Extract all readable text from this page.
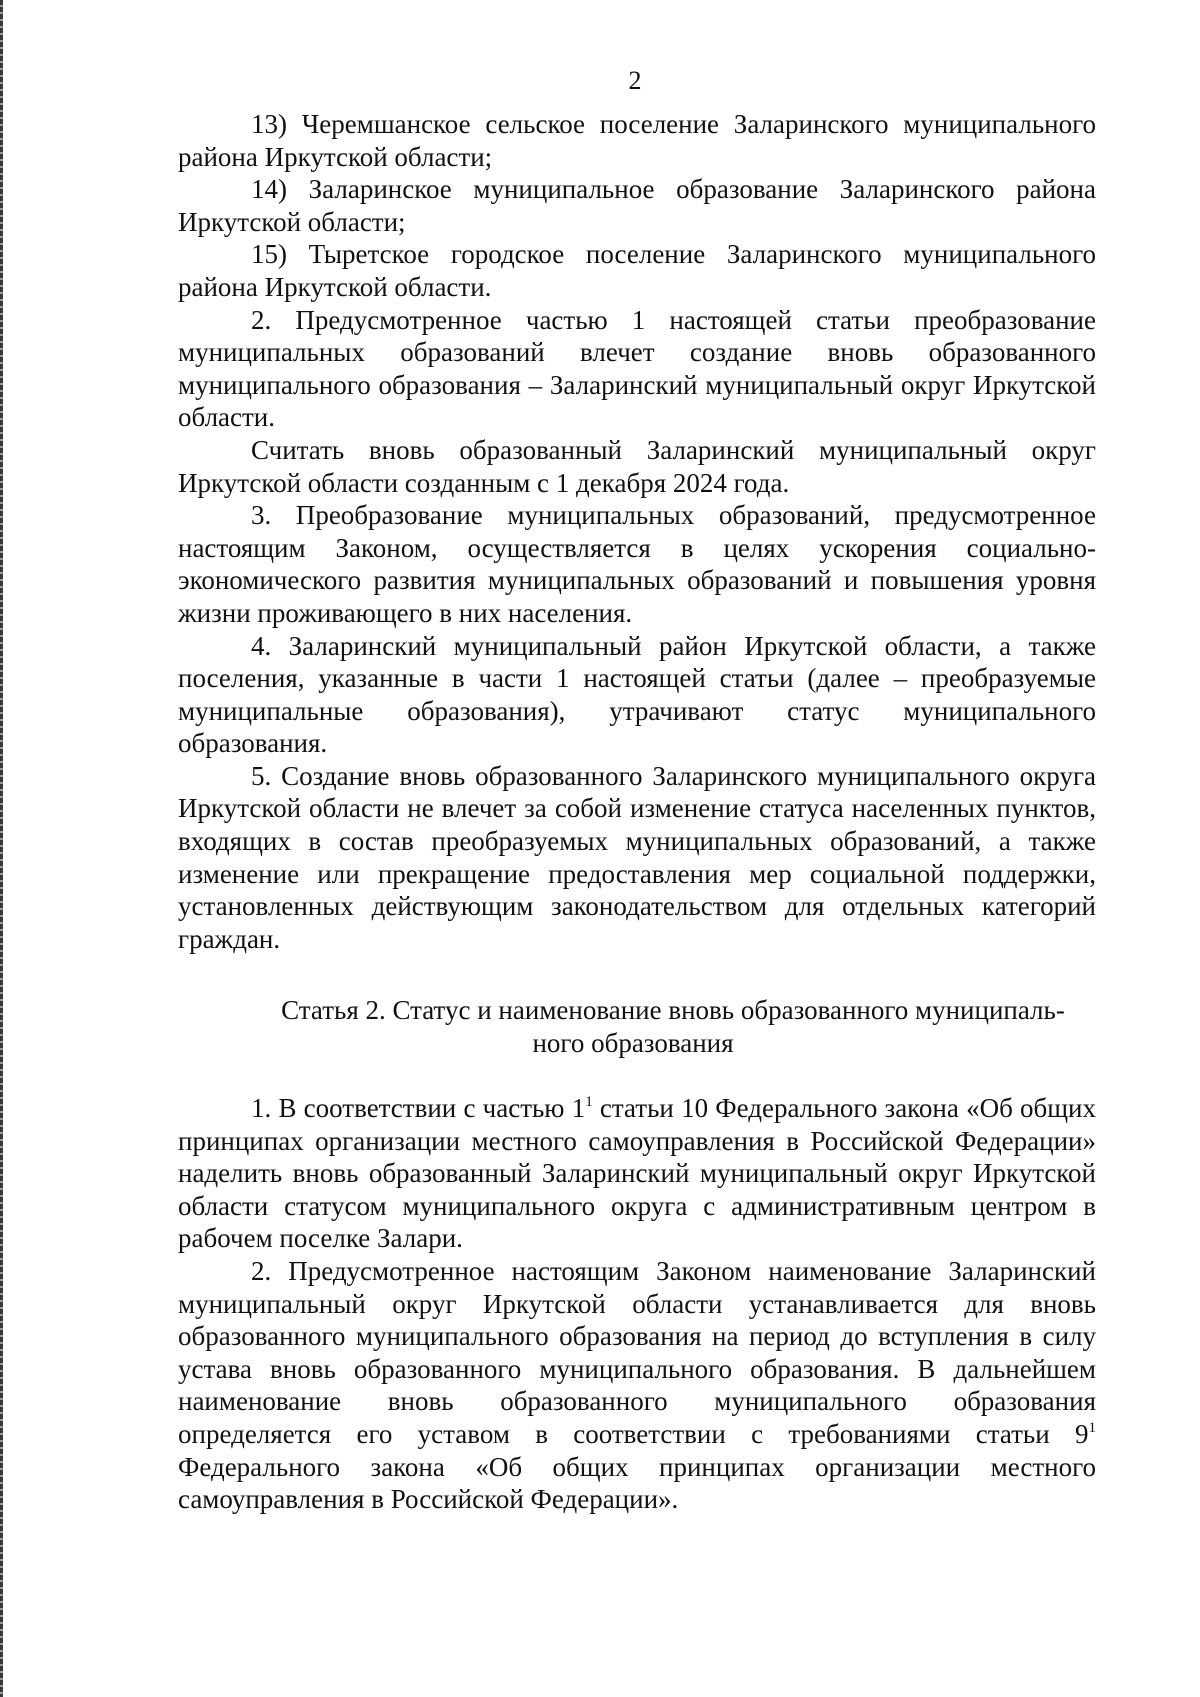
2

13) Черемшанское сельское поселение Заларинского муниципального района Иркутской области;

14) Заларинское муниципальное образование Заларинского района Иркутской области;

15) Тыретское городское поселение Заларинского муниципального района Иркутской области.

2. Предусмотренное частью 1 настоящей статьи преобразование муниципальных образований влечет создание вновь образованного муниципального образования – Заларинский муниципальный округ Иркутской области.

Считать вновь образованный Заларинский муниципальный округ Иркутской области созданным с 1 декабря 2024 года.

3. Преобразование муниципальных образований, предусмотренное настоящим Законом, осуществляется в целях ускорения социально-экономического развития муниципальных образований и повышения уровня жизни проживающего в них населения.

4. Заларинский муниципальный район Иркутской области, а также поселения, указанные в части 1 настоящей статьи (далее – преобразуемые муниципальные образования), утрачивают статус муниципального образования.

5. Создание вновь образованного Заларинского муниципального округа Иркутской области не влечет за собой изменение статуса населенных пунктов, входящих в состав преобразуемых муниципальных образований, а также изменение или прекращение предоставления мер социальной поддержки, установленных действующим законодательством для отдельных категорий граждан.

Статья 2. Статус и наименование вновь образованного муниципаль-
ного образования

1. В соответствии с частью $1^1$ статьи 10 Федерального закона «Об общих принципах организации местного самоуправления в Российской Федерации» наделить вновь образованный Заларинский муниципальный округ Иркутской области статусом муниципального округа с административным центром в рабочем поселке Залари.

2. Предусмотренное настоящим Законом наименование Заларинский муниципальный округ Иркутской области устанавливается для вновь образованного муниципального образования на период до вступления в силу устава вновь образованного муниципального образования. В дальнейшем наименование вновь образованного муниципального образования определяется его уставом в соответствии с требованиями статьи $9^1$ Федерального закона «Об общих принципах организации местного самоуправления в Российской Федерации».
